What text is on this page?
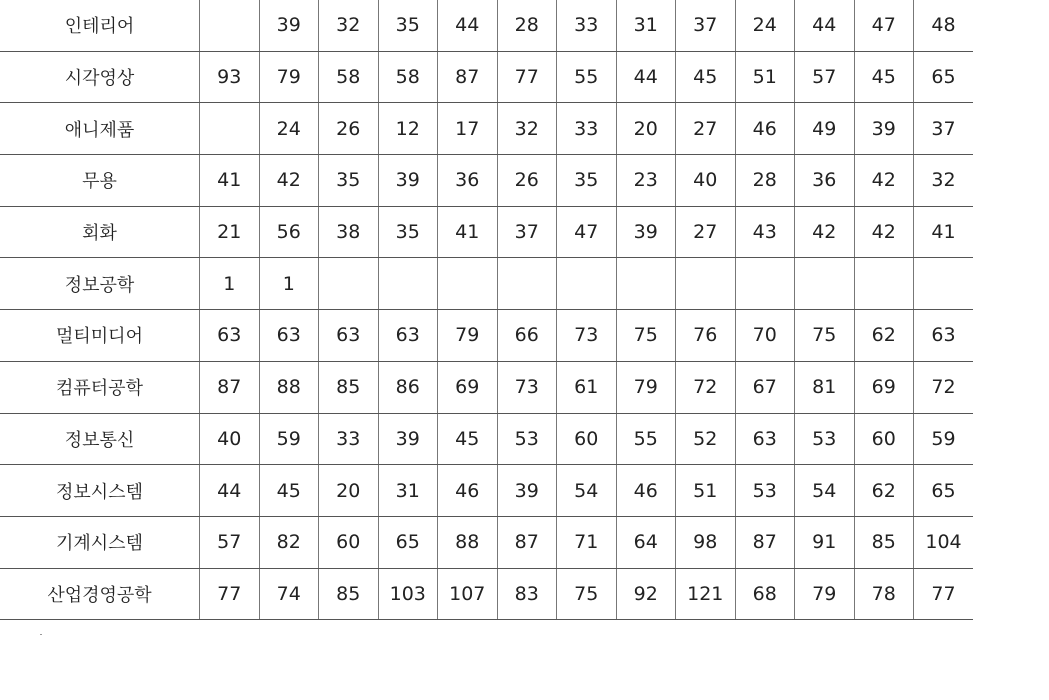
인테리어		39	32	35	44	28	33	31	37	24	44	47	48
시각영상	93	79	58	58	87	77	55	44	45	51	57	45	65
애니제품		24	26	12	17	32	33	20	27	46	49	39	37
무용	41	42	35	39	36	26	35	23	40	28	36	42	32
회화	21	56	38	35	41	37	47	39	27	43	42	42	41
정보공학	1	1											
멀티미디어	63	63	63	63	79	66	73	75	76	70	75	62	63
컴퓨터공학	87	88	85	86	69	73	61	79	72	67	81	69	72
정보통신	40	59	33	39	45	53	60	55	52	63	53	60	59
정보시스템	44	45	20	31	46	39	54	46	51	53	54	62	65
기계시스템	57	82	60	65	88	87	71	64	98	87	91	85	104
산업경영공학	77	74	85	103	107	83	75	92	121	68	79	78	77
